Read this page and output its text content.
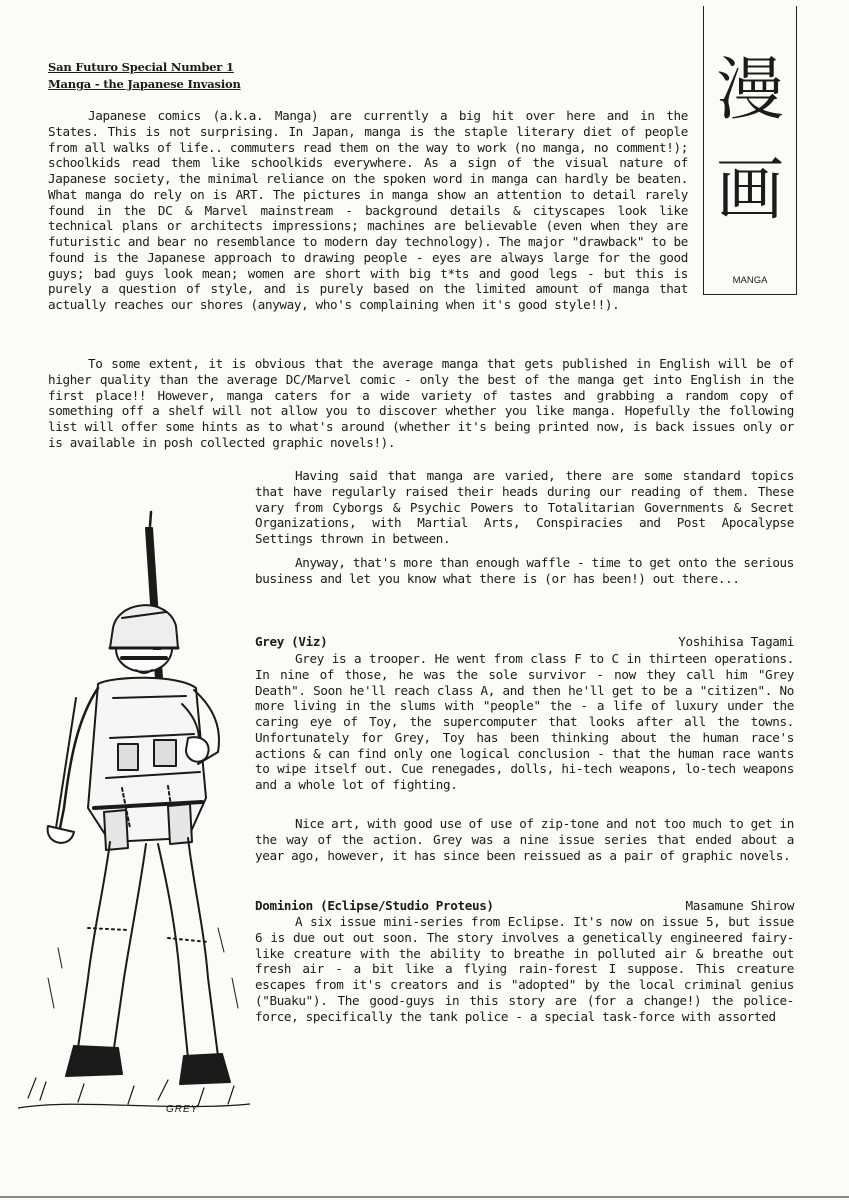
San Futuro Special Number 1
Manga - the Japanese Invasion	漫
画
MANGA

Japanese comics (a.k.a. Manga) are currently a big hit over here and in the States. This is not surprising. In Japan, manga is the staple literary diet of people from all walks of life.. commuters read them on the way to work (no manga, no comment!); schoolkids read them like schoolkids everywhere. As a sign of the visual nature of Japanese society, the minimal reliance on the spoken word in manga can hardly be beaten. What manga do rely on is ART. The pictures in manga show an attention to detail rarely found in the DC & Marvel mainstream - background details & cityscapes look like technical plans or architects impressions; machines are believable (even when they are futuristic and bear no resemblance to modern day technology). The major "drawback" to be found is the Japanese approach to drawing people - eyes are always large for the good guys; bad guys look mean; women are short with big t*ts and good legs - but this is purely a question of style, and is purely based on the limited amount of manga that actually reaches our shores (anyway, who's complaining when it's good style!!).

To some extent, it is obvious that the average manga that gets published in English will be of higher quality than the average DC/Marvel comic - only the best of the manga get into English in the first place!! However, manga caters for a wide variety of tastes and grabbing a random copy of something off a shelf will not allow you to discover whether you like manga. Hopefully the following list will offer some hints as to what's around (whether it's being printed now, is back issues only or is available in posh collected graphic novels!).

Having said that manga are varied, there are some standard topics that have regularly raised their heads during our reading of them. These vary from Cyborgs & Psychic Powers to Totalitarian Governments & Secret Organizations, with Martial Arts, Conspiracies and Post Apocalypse Settings thrown in between.

Anyway, that's more than enough waffle - time to get onto the serious business and let you know what there is (or has been!) out there...

Grey (Viz)	Yoshihisa Tagami

Grey is a trooper. He went from class F to C in thirteen operations. In nine of those, he was the sole survivor - now they call him "Grey Death". Soon he'll reach class A, and then he'll get to be a "citizen". No more living in the slums with "people" the - a life of luxury under the caring eye of Toy, the supercomputer that looks after all the towns. Unfortunately for Grey, Toy has been thinking about the human race's actions & can find only one logical conclusion - that the human race wants to wipe itself out. Cue renegades, dolls, hi-tech weapons, lo-tech weapons and a whole lot of fighting.

Nice art, with good use of use of zip-tone and not too much to get in the way of the action. Grey was a nine issue series that ended about a year ago, however, it has since been reissued as a pair of graphic novels.

Dominion (Eclipse/Studio Proteus)	Masamune Shirow

A six issue mini-series from Eclipse. It's now on issue 5, but issue 6 is due out out soon. The story involves a genetically engineered fairy-like creature with the ability to breathe in polluted air & breathe out fresh air - a bit like a flying rain-forest I suppose. This creature escapes from it's creators and is "adopted" by the local criminal genius ("Buaku"). The good-guys in this story are (for a change!) the police-force, specifically the tank police - a special task-force with assorted

GREY
